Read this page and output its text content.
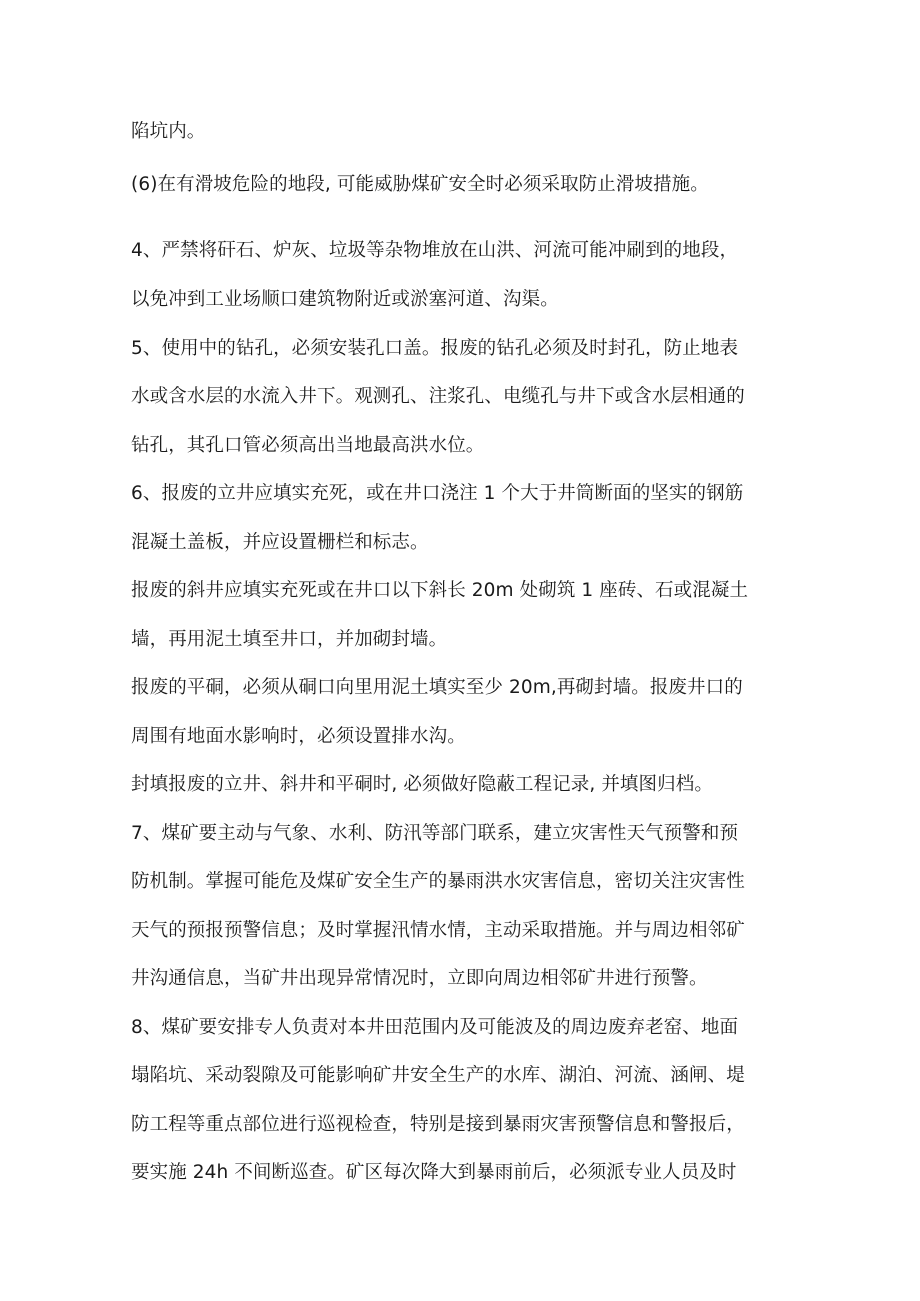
陷坑内。
(6)在有滑坡危险的地段, 可能威胁煤矿安全时必须采取防止滑坡措施。
4、严禁将矸石、炉灰、垃圾等杂物堆放在山洪、河流可能冲刷到的地段，
以免冲到工业场顺口建筑物附近或淤塞河道、沟渠。
5、使用中的钻孔，必须安装孔口盖。报废的钻孔必须及时封孔，防止地表
水或含水层的水流入井下。观测孔、注浆孔、电缆孔与井下或含水层相通的
钻孔，其孔口管必须高出当地最高洪水位。
6、报废的立井应填实充死，或在井口浇注 1 个大于井筒断面的坚实的钢筋
混凝土盖板，并应设置栅栏和标志。
报废的斜井应填实充死或在井口以下斜长 20m 处砌筑 1 座砖、石或混凝土
墙，再用泥土填至井口，并加砌封墙。
报废的平硐，必须从硐口向里用泥土填实至少 20m,再砌封墙。报废井口的
周围有地面水影响时，必须设置排水沟。
封填报废的立井、斜井和平硐时, 必须做好隐蔽工程记录, 并填图归档。
7、煤矿要主动与气象、水利、防汛等部门联系，建立灾害性天气预警和预
防机制。掌握可能危及煤矿安全生产的暴雨洪水灾害信息，密切关注灾害性
天气的预报预警信息；及时掌握汛情水情，主动采取措施。并与周边相邻矿
井沟通信息，当矿井出现异常情况时，立即向周边相邻矿井进行预警。
8、煤矿要安排专人负责对本井田范围内及可能波及的周边废弃老窑、地面
塌陷坑、采动裂隙及可能影响矿井安全生产的水库、湖泊、河流、涵闸、堤
防工程等重点部位进行巡视检查，特别是接到暴雨灾害预警信息和警报后，
要实施 24h 不间断巡查。矿区每次降大到暴雨前后，必须派专业人员及时
